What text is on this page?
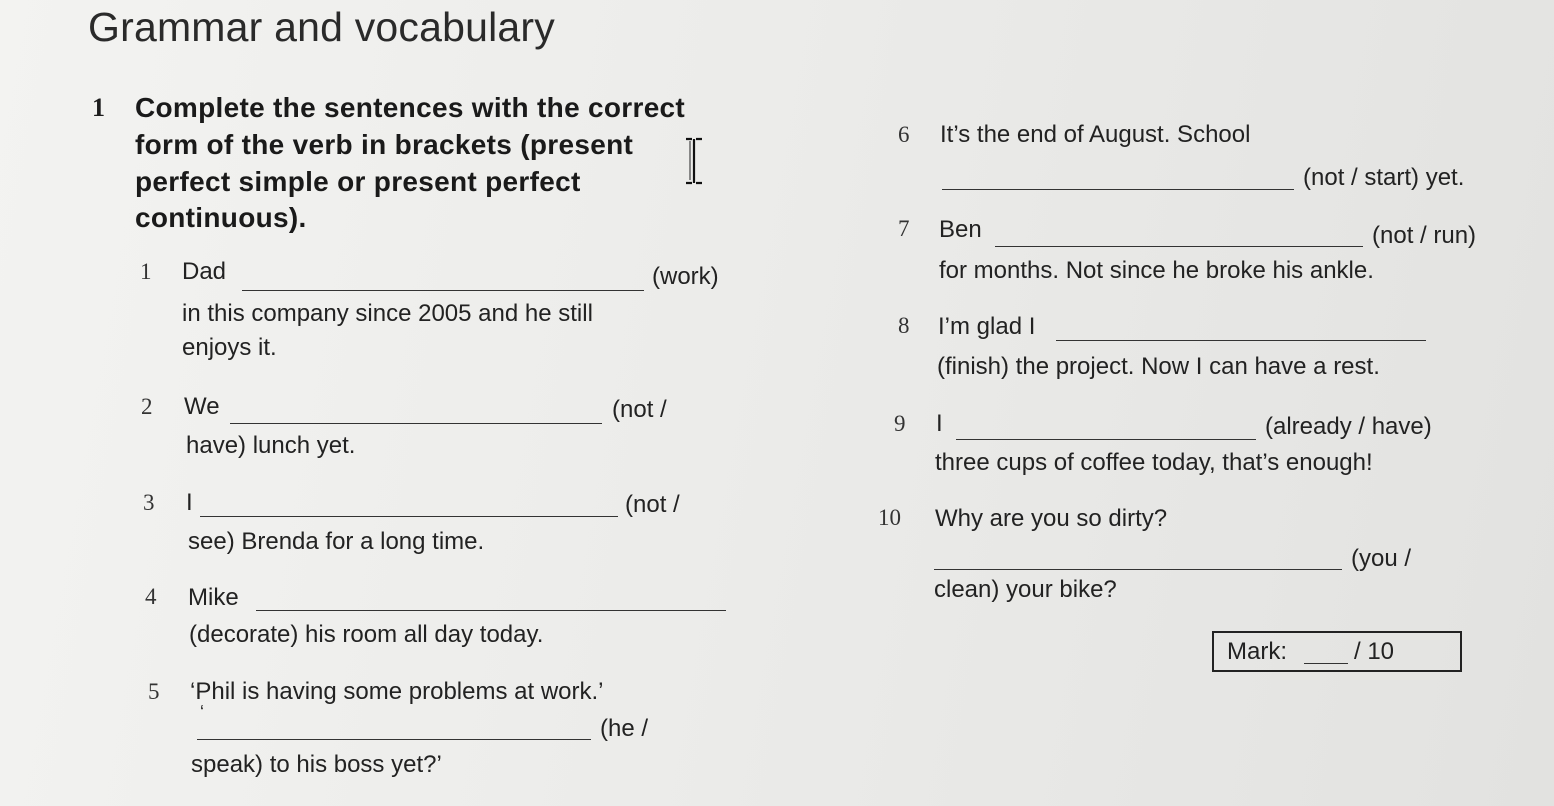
Grammar and vocabulary
1 Complete the sentences with the correct
form of the verb in brackets (present
perfect simple or present perfect
continuous).
1 Dad	(work)
in this company since 2005 and he still
enjoys it.
2 We	(not /
have) lunch yet.
3 I	(not /
see) Brenda for a long time.
4 Mike
(decorate) his room all day today.
5 ‘Phil is having some problems at work.’
‘
(he /
speak) to his boss yet?’
6 It’s the end of August. School
(not / start) yet.
7 Ben	(not / run)
for months. Not since he broke his ankle.
8 I’m glad I
(finish) the project. Now I can have a rest.
9 I	(already / have)
three cups of coffee today, that’s enough!
10 Why are you so dirty?
(you /
clean) your bike?
Mark:	/ 10
